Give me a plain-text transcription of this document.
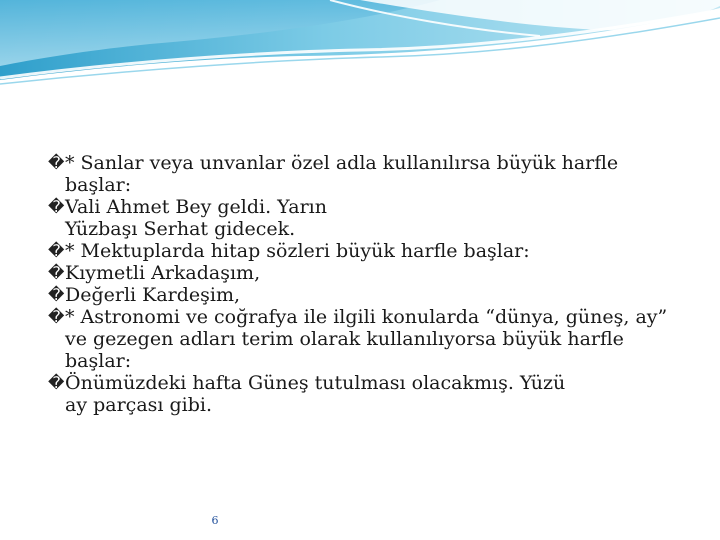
� * Sanlar veya unvanlar özel adla kullanılırsa büyük harfle başlar:
� Vali Ahmet Bey geldi. Yarın Yüzbaşı Serhat gidecek.
� * Mektuplarda hitap sözleri büyük harfle başlar:
� Kıymetli Arkadaşım,
� Değerli Kardeşim,
� * Astronomi ve coğrafya ile ilgili konularda “dünya, güneş, ay” ve gezegen adları terim olarak kullanılıyorsa büyük harfle başlar:
� Önümüzdeki hafta Güneş tutulması olacakmış. Yüzü ay parçası gibi.
6
